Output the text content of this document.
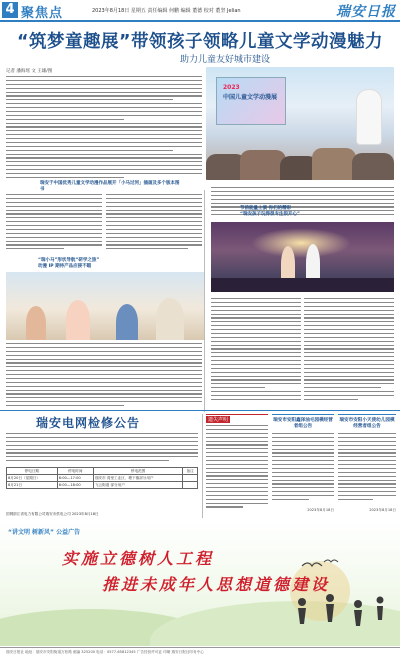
4 聚焦点	2023年8月18日 星期五 责任编辑 何鹏 编辑 董德 校对 董坚 Jelian	瑞安日报
“筑梦童趣展”带领孩子领略儿童文学动漫魅力
助力儿童友好城市建设
记者 潘海瑶 文 王雄/图
2023
中国儿童文学动漫展
瑞安于中国优秀儿童文学动漫作品展开「小马过河」插画及多个版本图书
节前能量上演 你们的精彩
“瑞安孩子玩得很专注很开心”
“瑞小马”形状导航“研学之旅”
动漫 IP 期待产品应接不暇
瑞安电网检修公告
停电日期	停电时间	停电范围	备注
8月20日（星期日）	6:00—17:00	瑞安市 湾里工业区、塘下镇部分用户	
8月21日	6:00—18:00	飞云街道 部分用户	
国网浙江省电力有限公司瑞安市供电公司 2023年8月18日
遗失声明	瑞安市安阳鑫泽油毛园模经营者组公告
2023年8月18日
瑞安市安阳小天使幼儿园模经营者组公告
2023年8月18日
“讲文明 树新风” 公益广告
实施立德树人工程
推进未成年人思想道德建设
瑞安日报社 地址：瑞安市安阳街道万松路 邮编 325200 电话：0577-65812345 广告经营许可证 印刷 瑞安日报社印务中心
